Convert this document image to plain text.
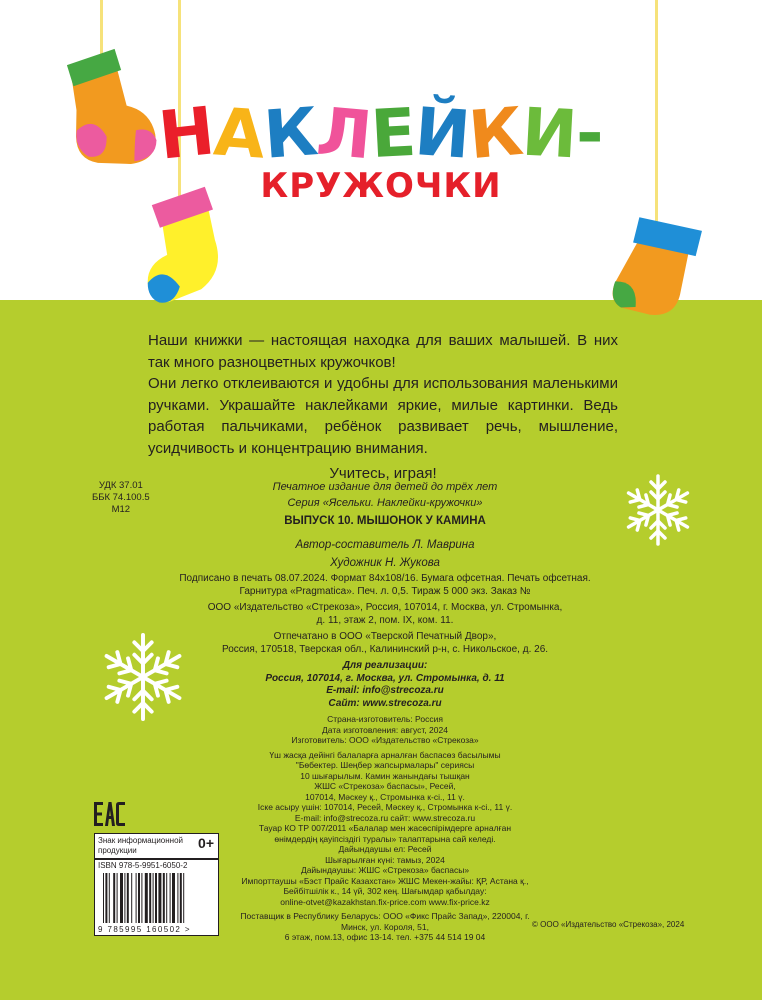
НАКЛЕЙКИ-
КРУЖОЧКИ

Наши книжки — настоящая находка для ваших малышей. В них так много разноцветных кружочков!

Они легко отклеиваются и удобны для использования маленькими ручками. Украшайте наклейками яркие, милые картинки. Ведь работая пальчиками, ребёнок развивает речь, мышление, усидчивость и концентрацию внимания.

Учитесь, играя!

УДК 37.01
ББК 74.100.5
М12
Печатное издание для детей до трёх лет
Серия «Ясельки. Наклейки-кружочки»
ВЫПУСК 10. МЫШОНОК У КАМИНА
Автор-составитель Л. Маврина
Художник Н. Жукова
Подписано в печать 08.07.2024. Формат 84x108/16. Бумага офсетная. Печать офсетная.
Гарнитура «Pragmatica». Печ. л. 0,5. Тираж 5 000 экз. Заказ №
ООО «Издательство «Стрекоза», Россия, 107014, г. Москва, ул. Стромынка,
д. 11, этаж 2, пом. IX, ком. 11.
Отпечатано в ООО «Тверской Печатный Двор»,
Россия, 170518, Тверская обл., Калининский р-н, с. Никольское, д. 26.
Для реализации:
Россия, 107014, г. Москва, ул. Стромынка, д. 11
E-mail: info@strecoza.ru
Сайт: www.strecoza.ru
Страна-изготовитель: Россия
Дата изготовления: август, 2024
Изготовитель: ООО «Издательство «Стрекоза»
Үш жасқа дейінгі балаларға арналған баспасөз басылымы
"Бөбектер. Шеңбер жапсырмалары" сериясы
10 шығарылым. Камин жанындағы тышқан
ЖШС «Стрекоза» баспасы», Ресей,
107014, Мәскеу қ., Стромынка к-сі., 11 ү.
Іске асыру үшін: 107014, Ресей, Мәскеу қ., Стромынка к-сі., 11 ү.
E-mail: info@strecoza.ru сайт: www.strecoza.ru
Тауар КО ТР 007/2011 «Балалар мен жасөспірімдерге арналған
өнімдердің қауіпсіздігі туралы» талаптарына сай келеді.
Дайындаушы ел: Ресей
Шығарылған күні: тамыз, 2024
Дайындаушы: ЖШС «Стрекоза» баспасы»
Импорттаушы «Бэст Прайс Казахстан» ЖШС Мекен-жайы: ҚР, Астана қ.,
Бейбітшілік к., 14 үй, 302 кең. Шағымдар қабылдау:
online-otvet@kazakhstan.fix-price.com www.fix-price.kz
Поставщик в Республику Беларусь: ООО «Фикс Прайс Запад», 220004, г.
Минск, ул. Короля, 51,
6 этаж, пом.13, офис 13-14. тел. +375 44 514 19 04
Знак информационной
продукции	0+
ISBN 978-5-9951-6050-2
9 785995 160502 >
© ООО «Издательство «Стрекоза», 2024
